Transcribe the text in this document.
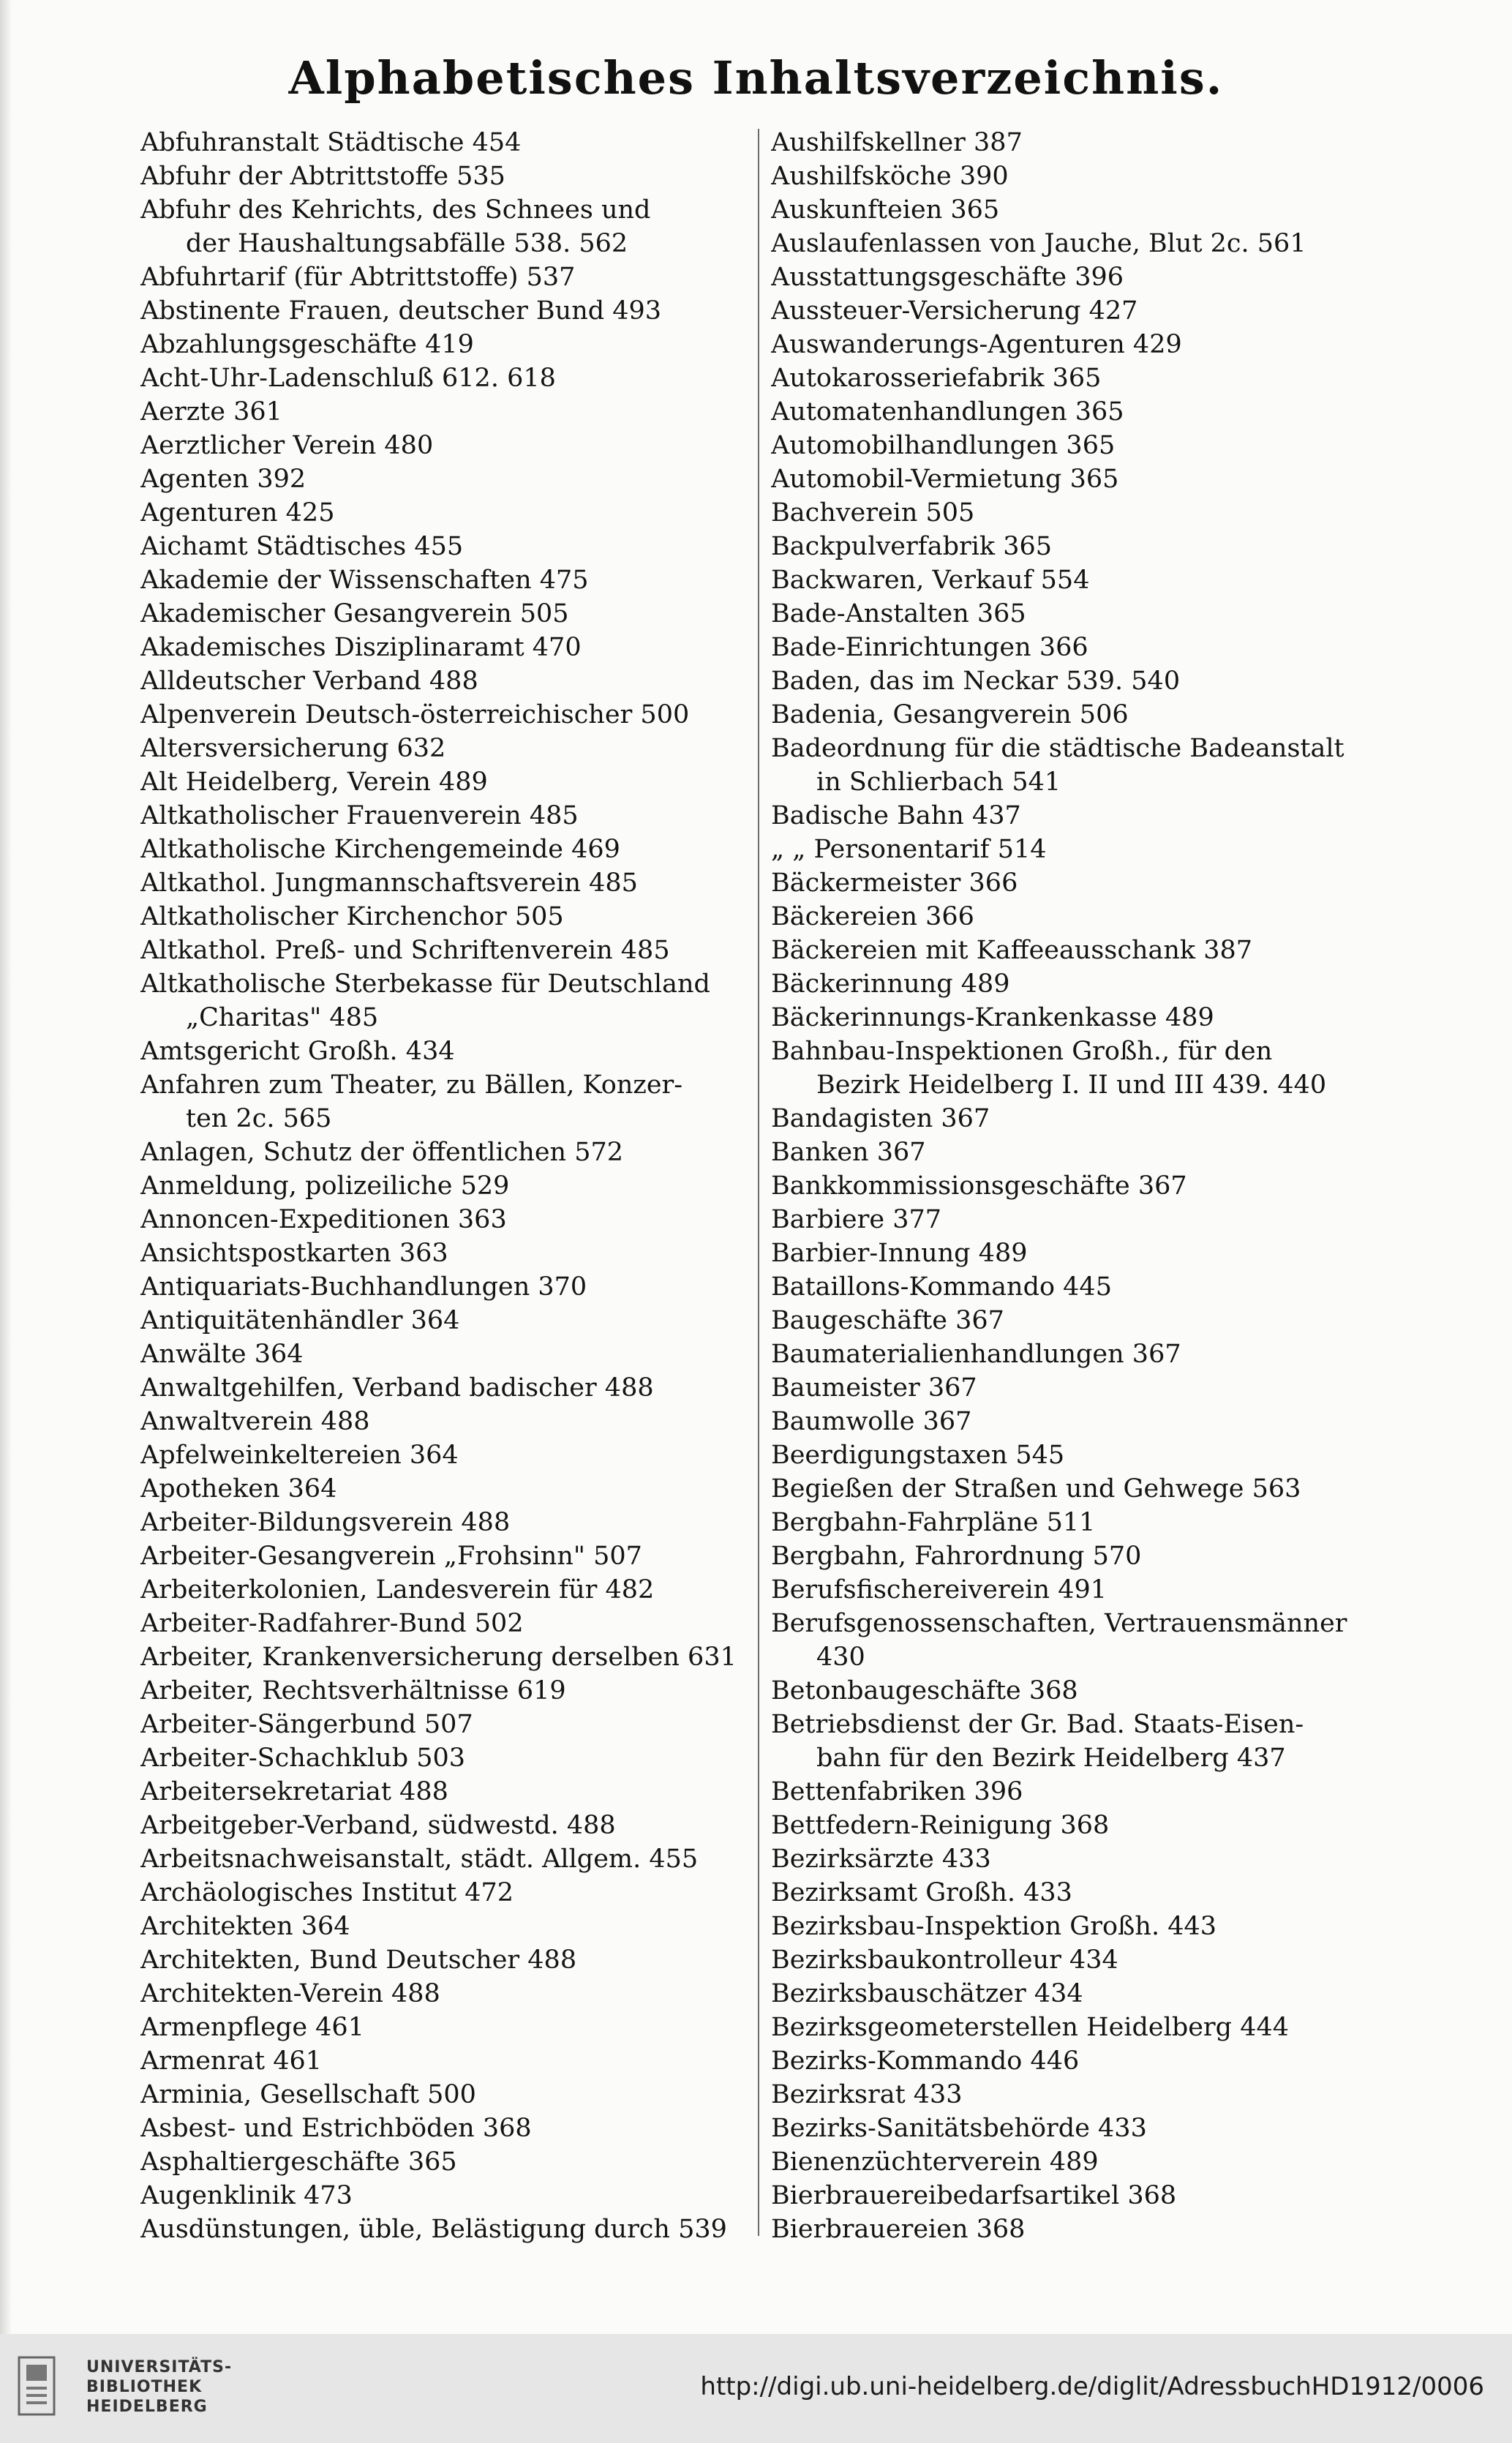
Alphabetisches Inhaltsverzeichnis.
Abfuhranstalt Städtische 454
Abfuhr der Abtrittstoffe 535
Abfuhr des Kehrichts, des Schnees und
der Haushaltungsabfälle 538. 562
Abfuhrtarif (für Abtrittstoffe) 537
Abstinente Frauen, deutscher Bund 493
Abzahlungsgeschäfte 419
Acht-Uhr-Ladenschluß 612. 618
Aerzte 361
Aerztlicher Verein 480
Agenten 392
Agenturen 425
Aichamt Städtisches 455
Akademie der Wissenschaften 475
Akademischer Gesangverein 505
Akademisches Disziplinaramt 470
Alldeutscher Verband 488
Alpenverein Deutsch-österreichischer 500
Altersversicherung 632
Alt Heidelberg, Verein 489
Altkatholischer Frauenverein 485
Altkatholische Kirchengemeinde 469
Altkathol. Jungmannschaftsverein 485
Altkatholischer Kirchenchor 505
Altkathol. Preß- und Schriftenverein 485
Altkatholische Sterbekasse für Deutschland
„Charitas" 485
Amtsgericht Großh. 434
Anfahren zum Theater, zu Bällen, Konzer-
ten 2c. 565
Anlagen, Schutz der öffentlichen 572
Anmeldung, polizeiliche 529
Annoncen-Expeditionen 363
Ansichtspostkarten 363
Antiquariats-Buchhandlungen 370
Antiquitätenhändler 364
Anwälte 364
Anwaltgehilfen, Verband badischer 488
Anwaltverein 488
Apfelweinkeltereien 364
Apotheken 364
Arbeiter-Bildungsverein 488
Arbeiter-Gesangverein „Frohsinn" 507
Arbeiterkolonien, Landesverein für 482
Arbeiter-Radfahrer-Bund 502
Arbeiter, Krankenversicherung derselben 631
Arbeiter, Rechtsverhältnisse 619
Arbeiter-Sängerbund 507
Arbeiter-Schachklub 503
Arbeitersekretariat 488
Arbeitgeber-Verband, südwestd. 488
Arbeitsnachweisanstalt, städt. Allgem. 455
Archäologisches Institut 472
Architekten 364
Architekten, Bund Deutscher 488
Architekten-Verein 488
Armenpflege 461
Armenrat 461
Arminia, Gesellschaft 500
Asbest- und Estrichböden 368
Asphaltiergeschäfte 365
Augenklinik 473
Ausdünstungen, üble, Belästigung durch 539
Aushilfskellner 387
Aushilfsköche 390
Auskunfteien 365
Auslaufenlassen von Jauche, Blut 2c. 561
Ausstattungsgeschäfte 396
Aussteuer-Versicherung 427
Auswanderungs-Agenturen 429
Autokarosseriefabrik 365
Automatenhandlungen 365
Automobilhandlungen 365
Automobil-Vermietung 365
Bachverein 505
Backpulverfabrik 365
Backwaren, Verkauf 554
Bade-Anstalten 365
Bade-Einrichtungen 366
Baden, das im Neckar 539. 540
Badenia, Gesangverein 506
Badeordnung für die städtische Badeanstalt
in Schlierbach 541
Badische Bahn 437
„ „ Personentarif 514
Bäckermeister 366
Bäckereien 366
Bäckereien mit Kaffeeausschank 387
Bäckerinnung 489
Bäckerinnungs-Krankenkasse 489
Bahnbau-Inspektionen Großh., für den
Bezirk Heidelberg I. II und III 439. 440
Bandagisten 367
Banken 367
Bankkommissionsgeschäfte 367
Barbiere 377
Barbier-Innung 489
Bataillons-Kommando 445
Baugeschäfte 367
Baumaterialienhandlungen 367
Baumeister 367
Baumwolle 367
Beerdigungstaxen 545
Begießen der Straßen und Gehwege 563
Bergbahn-Fahrpläne 511
Bergbahn, Fahrordnung 570
Berufsfischereiverein 491
Berufsgenossenschaften, Vertrauensmänner
430
Betonbaugeschäfte 368
Betriebsdienst der Gr. Bad. Staats-Eisen-
bahn für den Bezirk Heidelberg 437
Bettenfabriken 396
Bettfedern-Reinigung 368
Bezirksärzte 433
Bezirksamt Großh. 433
Bezirksbau-Inspektion Großh. 443
Bezirksbaukontrolleur 434
Bezirksbauschätzer 434
Bezirksgeometerstellen Heidelberg 444
Bezirks-Kommando 446
Bezirksrat 433
Bezirks-Sanitätsbehörde 433
Bienenzüchterverein 489
Bierbrauereibedarfsartikel 368
Bierbrauereien 368
UNIVERSITÄTS-
BIBLIOTHEK
HEIDELBERG
http://digi.ub.uni-heidelberg.de/diglit/AdressbuchHD1912/0006
